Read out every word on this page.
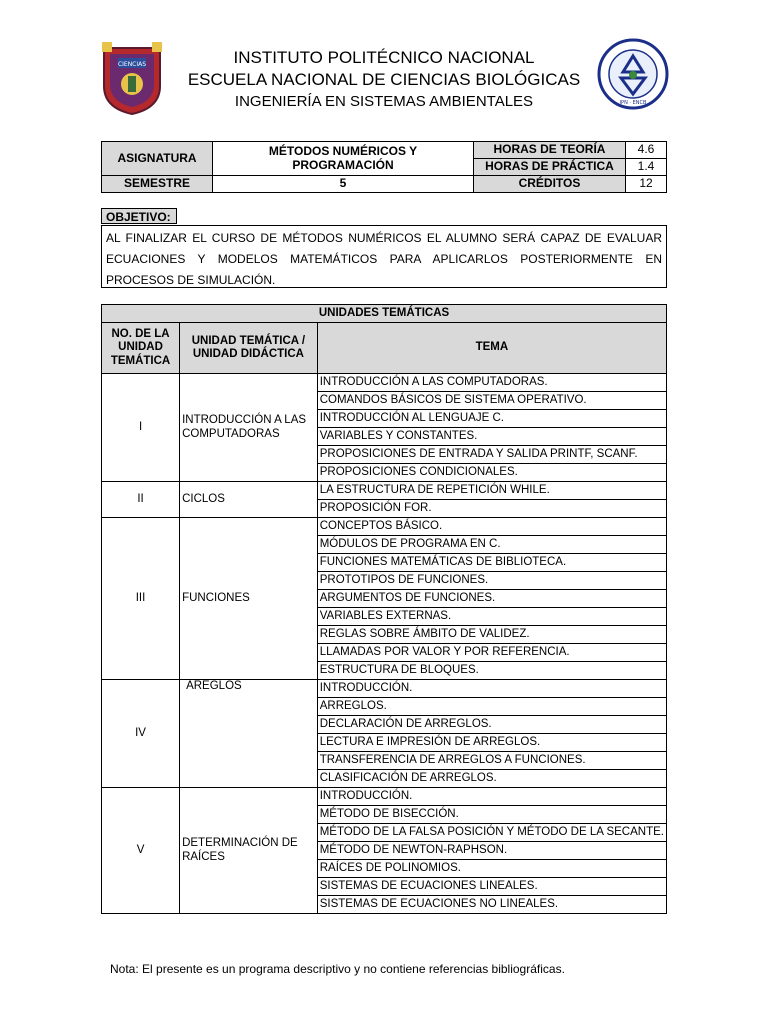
CIENCIAS
IPN · ENCB
INSTITUTO POLITÉCNICO NACIONAL
ESCUELA NACIONAL DE CIENCIAS BIOLÓGICAS
INGENIERÍA EN SISTEMAS AMBIENTALES
ASIGNATURA	MÉTODOS NUMÉRICOS Y PROGRAMACIÓN	HORAS DE TEORÍA	4.6
		HORAS DE PRÁCTICA	1.4
SEMESTRE	5	CRÉDITOS	12
OBJETIVO:
AL FINALIZAR EL CURSO DE MÉTODOS NUMÉRICOS EL ALUMNO SERÁ CAPAZ DE EVALUAR ECUACIONES Y MODELOS MATEMÁTICOS PARA APLICARLOS POSTERIORMENTE EN PROCESOS DE SIMULACIÓN.
UNIDADES TEMÁTICAS		
NO. DE LA UNIDAD TEMÁTICA	UNIDAD TEMÁTICA / UNIDAD DIDÁCTICA	TEMA
I	INTRODUCCIÓN A LAS COMPUTADORAS	INTRODUCCIÓN A LAS COMPUTADORAS.
		COMANDOS BÁSICOS DE SISTEMA OPERATIVO.
		INTRODUCCIÓN AL LENGUAJE C.
		VARIABLES Y CONSTANTES.
		PROPOSICIONES DE ENTRADA Y SALIDA PRINTF, SCANF.
		PROPOSICIONES CONDICIONALES.
II	CICLOS	LA ESTRUCTURA DE REPETICIÓN WHILE.
		PROPOSICIÓN FOR.
III	FUNCIONES	CONCEPTOS BÁSICO.
		MÓDULOS DE PROGRAMA EN C.
		FUNCIONES MATEMÁTICAS DE BIBLIOTECA.
		PROTOTIPOS DE FUNCIONES.
		ARGUMENTOS DE FUNCIONES.
		VARIABLES EXTERNAS.
		REGLAS SOBRE ÁMBITO DE VALIDEZ.
		LLAMADAS POR VALOR Y POR REFERENCIA.
		ESTRUCTURA DE BLOQUES.
IV	AREGLOS	INTRODUCCIÓN.
		ARREGLOS.
		DECLARACIÓN DE ARREGLOS.
		LECTURA E IMPRESIÓN DE ARREGLOS.
		TRANSFERENCIA DE ARREGLOS A FUNCIONES.
		CLASIFICACIÓN DE ARREGLOS.
V	DETERMINACIÓN DE RAÍCES	INTRODUCCIÓN.
		MÉTODO DE BISECCIÓN.
		MÉTODO DE LA FALSA POSICIÓN Y MÉTODO DE LA SECANTE.
		MÉTODO DE NEWTON-RAPHSON.
		RAÍCES DE POLINOMIOS.
		SISTEMAS DE ECUACIONES LINEALES.
		SISTEMAS DE ECUACIONES NO LINEALES.
Nota: El presente es un programa descriptivo y no contiene referencias bibliográficas.
